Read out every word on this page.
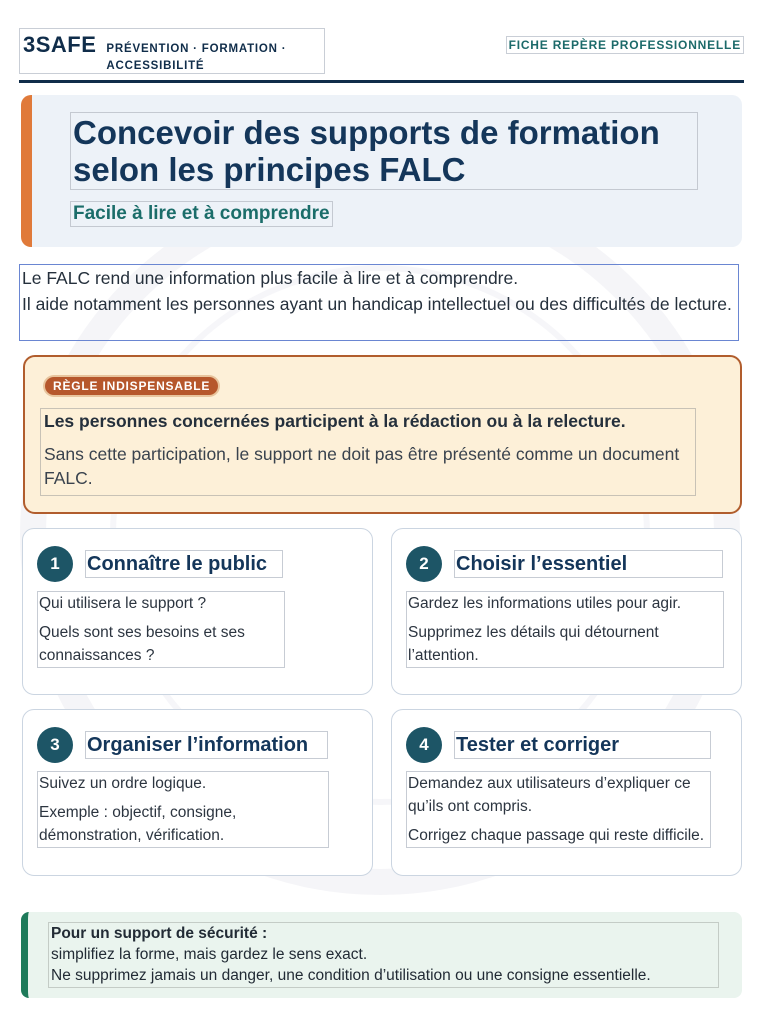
3SAFE PRÉVENTION · FORMATION · ACCESSIBILITÉ
FICHE REPÈRE PROFESSIONNELLE
Concevoir des supports de formation selon les principes FALC
Facile à lire et à comprendre
Le FALC rend une information plus facile à lire et à comprendre.
Il aide notamment les personnes ayant un handicap intellectuel ou des difficultés de lecture.
RÈGLE INDISPENSABLE
Les personnes concernées participent à la rédaction ou à la relecture.
Sans cette participation, le support ne doit pas être présenté comme un document FALC.
1	Connaître le public
Qui utilisera le support ?
Quels sont ses besoins et ses connaissances ?
2	Choisir l’essentiel
Gardez les informations utiles pour agir.
Supprimez les détails qui détournent l’attention.
3	Organiser l’information
Suivez un ordre logique.
Exemple : objectif, consigne, démonstration, vérification.
4	Tester et corriger
Demandez aux utilisateurs d’expliquer ce qu’ils ont compris.
Corrigez chaque passage qui reste difficile.
Pour un support de sécurité :
simplifiez la forme, mais gardez le sens exact.
Ne supprimez jamais un danger, une condition d’utilisation ou une consigne essentielle.
